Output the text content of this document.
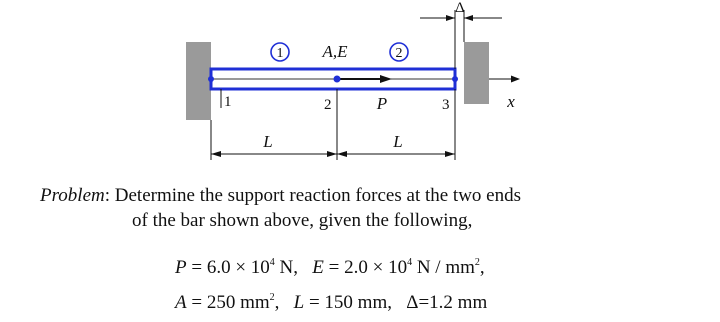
1	2
A,E
1	2	3
P
L	L
Δ
x
Problem: Determine the support reaction forces at the two ends
of the bar shown above, given the following,
$P = 6.0 \times 10^4$ N, $E = 2.0 \times 10^4$ N / $mm^2$,
A = 250 $mm^2$, L = 150 mm, Δ=1.2 mm
